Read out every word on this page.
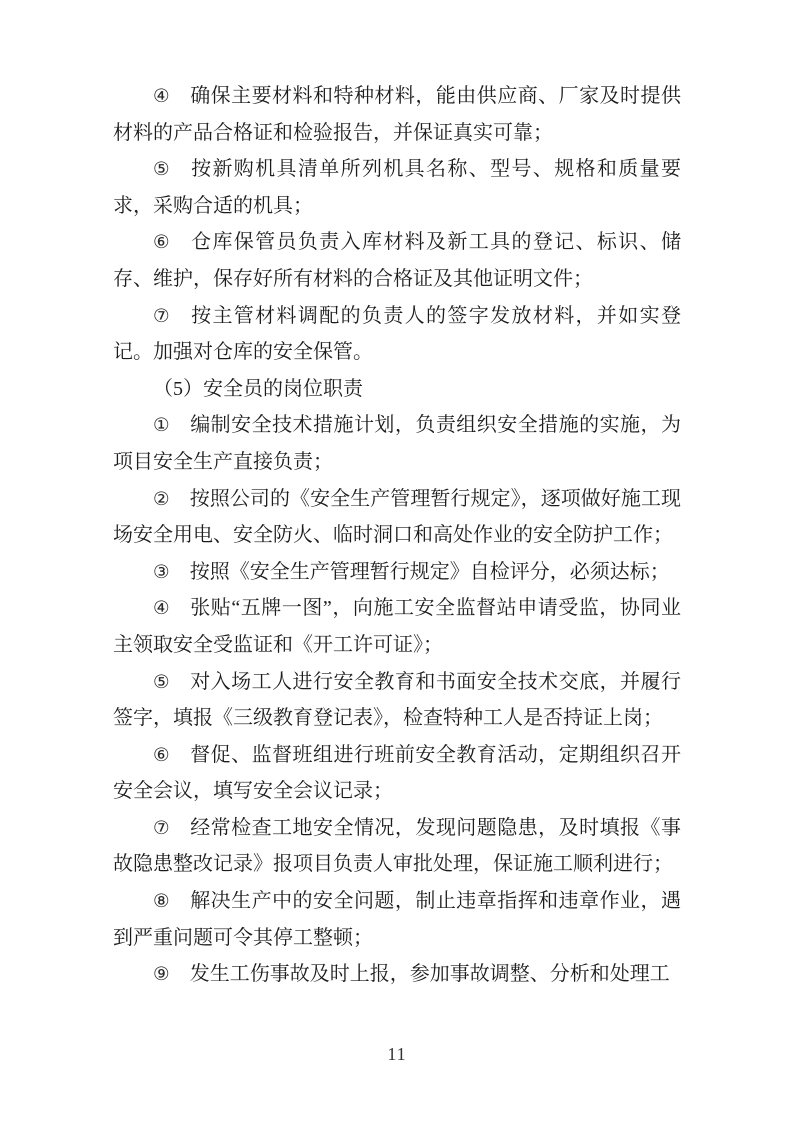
④ 确保主要材料和特种材料，能由供应商、厂家及时提供材料的产品合格证和检验报告，并保证真实可靠；

⑤ 按新购机具清单所列机具名称、型号、规格和质量要求，采购合适的机具；

⑥ 仓库保管员负责入库材料及新工具的登记、标识、储存、维护，保存好所有材料的合格证及其他证明文件；

⑦ 按主管材料调配的负责人的签字发放材料，并如实登记。加强对仓库的安全保管。

（5）安全员的岗位职责

① 编制安全技术措施计划，负责组织安全措施的实施，为项目安全生产直接负责；

② 按照公司的《安全生产管理暂行规定》，逐项做好施工现场安全用电、安全防火、临时洞口和高处作业的安全防护工作；

③ 按照《安全生产管理暂行规定》自检评分，必须达标；

④ 张贴“五牌一图”，向施工安全监督站申请受监，协同业主领取安全受监证和《开工许可证》；

⑤ 对入场工人进行安全教育和书面安全技术交底，并履行签字，填报《三级教育登记表》，检查特种工人是否持证上岗；

⑥ 督促、监督班组进行班前安全教育活动，定期组织召开安全会议，填写安全会议记录；

⑦ 经常检查工地安全情况，发现问题隐患，及时填报《事故隐患整改记录》报项目负责人审批处理，保证施工顺利进行；

⑧ 解决生产中的安全问题，制止违章指挥和违章作业，遇到严重问题可令其停工整顿；

⑨ 发生工伤事故及时上报，参加事故调整、分析和处理工

11
